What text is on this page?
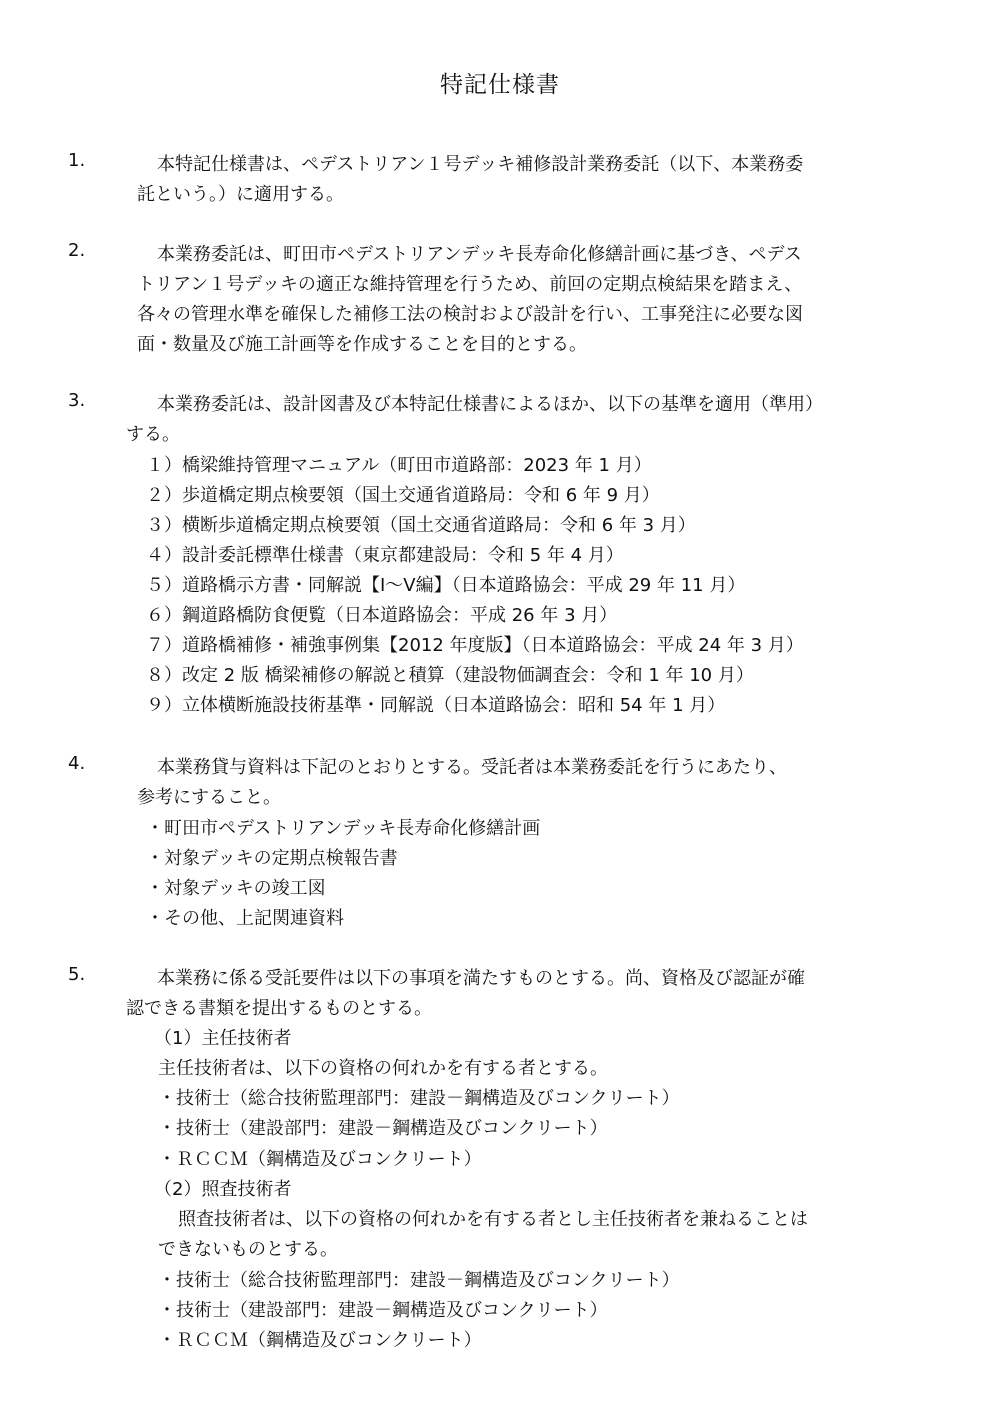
特記仕様書
1.	本特記仕様書は、ペデストリアン１号デッキ補修設計業務委託（以下、本業務委
託という。）に適用する。
2.	本業務委託は、町田市ペデストリアンデッキ長寿命化修繕計画に基づき、ペデス
トリアン１号デッキの適正な維持管理を行うため、前回の定期点検結果を踏まえ、
各々の管理水準を確保した補修工法の検討および設計を行い、工事発注に必要な図
面・数量及び施工計画等を作成することを目的とする。
3.	本業務委託は、設計図書及び本特記仕様書によるほか、以下の基準を適用（準用）
する。
１）橋梁維持管理マニュアル（町田市道路部：2023 年 1 月）
２）歩道橋定期点検要領（国土交通省道路局：令和 6 年 9 月）
３）横断歩道橋定期点検要領（国土交通省道路局：令和 6 年 3 月）
４）設計委託標準仕様書（東京都建設局：令和 5 年 4 月）
５）道路橋示方書・同解説【Ⅰ～Ⅴ編】（日本道路協会：平成 29 年 11 月）
６）鋼道路橋防食便覧（日本道路協会：平成 26 年 3 月）
７）道路橋補修・補強事例集【2012 年度版】（日本道路協会：平成 24 年 3 月）
８）改定 2 版 橋梁補修の解説と積算（建設物価調査会：令和 1 年 10 月）
９）立体横断施設技術基準・同解説（日本道路協会：昭和 54 年 1 月）
4.	本業務貸与資料は下記のとおりとする。受託者は本業務委託を行うにあたり、
参考にすること。
・町田市ペデストリアンデッキ長寿命化修繕計画
・対象デッキの定期点検報告書
・対象デッキの竣工図
・その他、上記関連資料
5.	本業務に係る受託要件は以下の事項を満たすものとする。尚、資格及び認証が確
認できる書類を提出するものとする。
（1）主任技術者
主任技術者は、以下の資格の何れかを有する者とする。
・技術士（総合技術監理部門：建設－鋼構造及びコンクリート）
・技術士（建設部門：建設－鋼構造及びコンクリート）
・ＲＣＣＭ（鋼構造及びコンクリート）
（2）照査技術者
照査技術者は、以下の資格の何れかを有する者とし主任技術者を兼ねることは
できないものとする。
・技術士（総合技術監理部門：建設－鋼構造及びコンクリート）
・技術士（建設部門：建設－鋼構造及びコンクリート）
・ＲＣＣＭ（鋼構造及びコンクリート）
